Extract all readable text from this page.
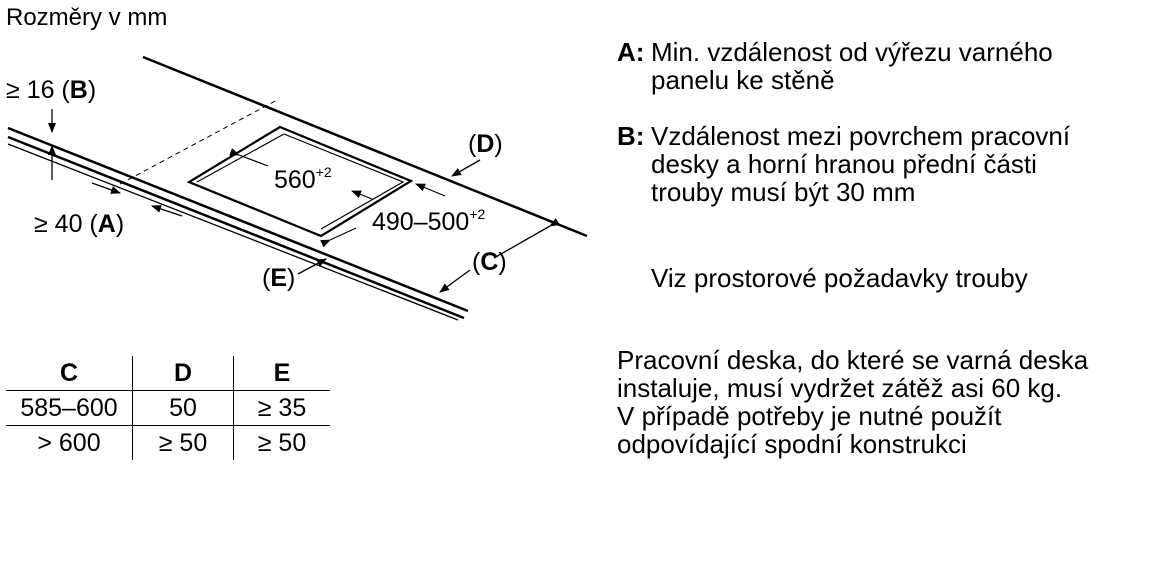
Rozměry v mm
≥ 16 (B)
≥ 40 (A)
(D)
(C)
(E)
$560^{+2}$
$490-500^{+2}$
A: Min. vzdálenost od výřezu varného
panelu ke stěně
B: Vzdálenost mezi povrchem pracovní
desky a horní hranou přední části
trouby musí být 30 mm
Viz prostorové požadavky trouby
Pracovní deska, do které se varná deska
instaluje, musí vydržet zátěž asi 60 kg.
V případě potřeby je nutné použít
odpovídající spodní konstrukci
C	D	E
585–600	50	≥ 35
> 600	≥ 50	≥ 50
